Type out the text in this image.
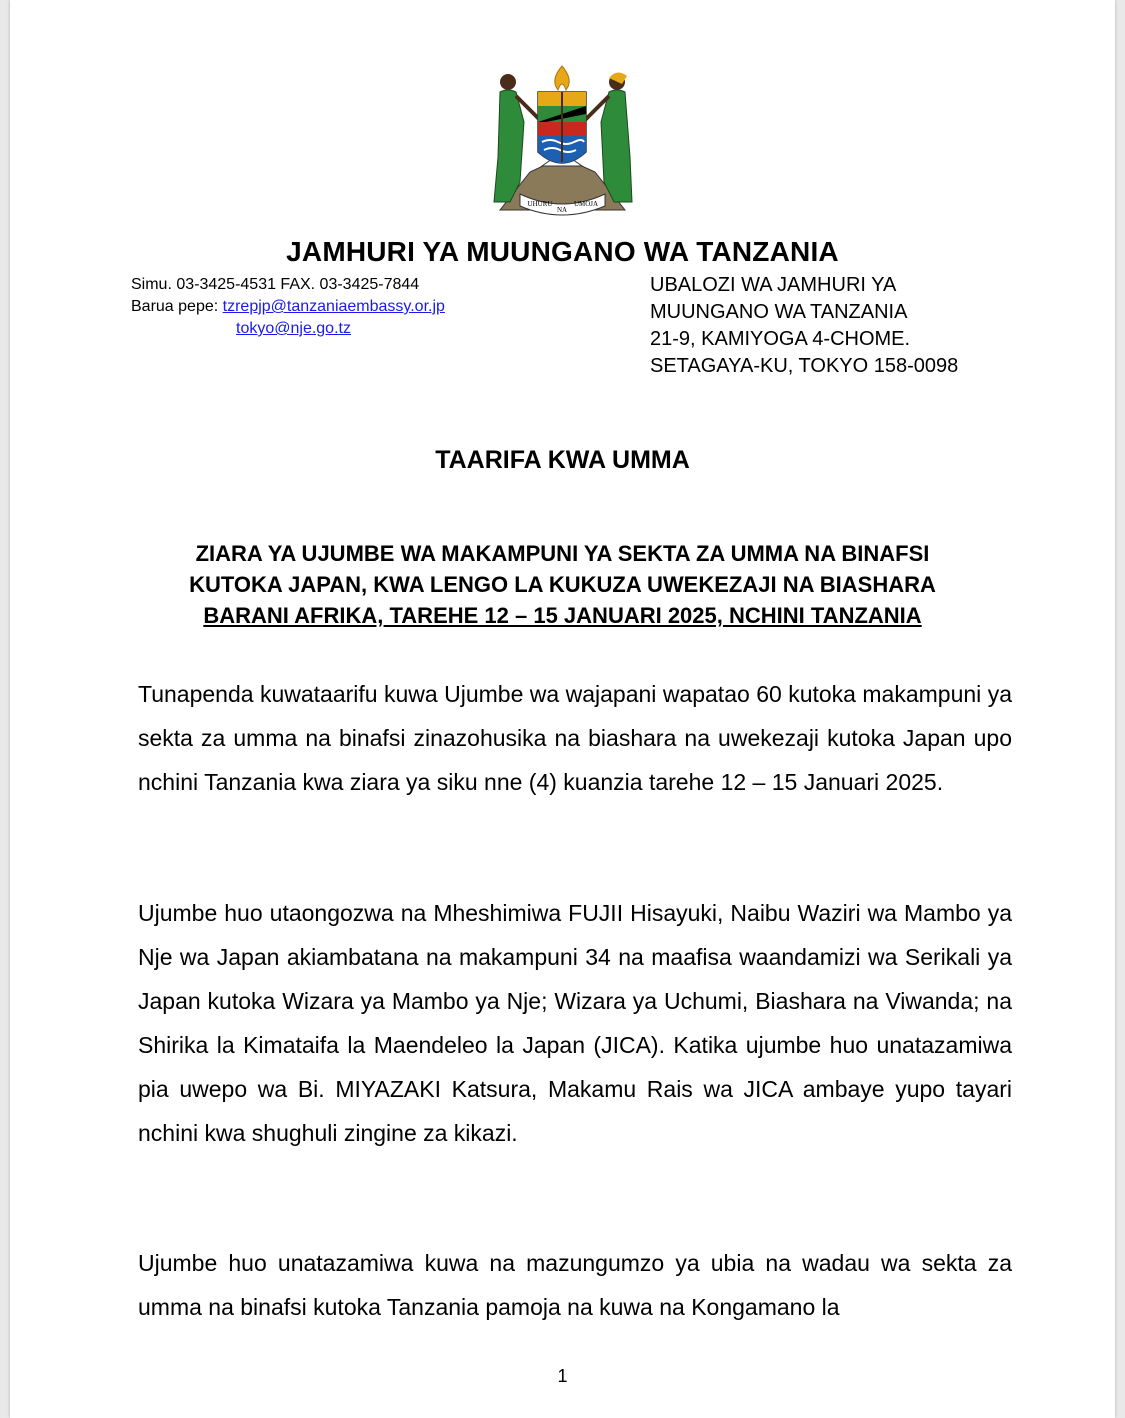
UHURU
NA
UMOJA
JAMHURI YA MUUNGANO WA TANZANIA
Simu. 03-3425-4531 FAX. 03-3425-7844
Barua pepe: tzrepjp@tanzaniaembassy.or.jp
tokyo@nje.go.tz
UBALOZI WA JAMHURI YA
MUUNGANO WA TANZANIA
21-9, KAMIYOGA 4-CHOME.
SETAGAYA-KU, TOKYO 158-0098
TAARIFA KWA UMMA
ZIARA YA UJUMBE WA MAKAMPUNI YA SEKTA ZA UMMA NA BINAFSI
KUTOKA JAPAN, KWA LENGO LA KUKUZA UWEKEZAJI NA BIASHARA
BARANI AFRIKA, TAREHE 12 – 15 JANUARI 2025, NCHINI TANZANIA

Tunapenda kuwataarifu kuwa Ujumbe wa wajapani wapatao 60 kutoka makampuni ya sekta za umma na binafsi zinazohusika na biashara na uwekezaji kutoka Japan upo nchini Tanzania kwa ziara ya siku nne (4) kuanzia tarehe 12 – 15 Januari 2025.

Ujumbe huo utaongozwa na Mheshimiwa FUJII Hisayuki, Naibu Waziri wa Mambo ya Nje wa Japan akiambatana na makampuni 34 na maafisa waandamizi wa Serikali ya Japan kutoka Wizara ya Mambo ya Nje; Wizara ya Uchumi, Biashara na Viwanda; na Shirika la Kimataifa la Maendeleo la Japan (JICA). Katika ujumbe huo unatazamiwa pia uwepo wa Bi. MIYAZAKI Katsura, Makamu Rais wa JICA ambaye yupo tayari nchini kwa shughuli zingine za kikazi.

Ujumbe huo unatazamiwa kuwa na mazungumzo ya ubia na wadau wa sekta za umma na binafsi kutoka Tanzania pamoja na kuwa na Kongamano la

1
